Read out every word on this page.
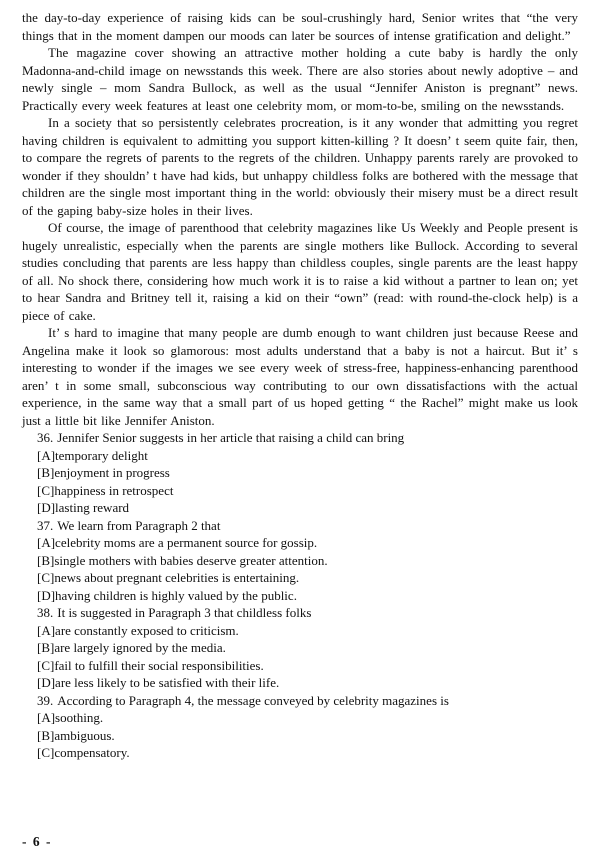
the day-to-day experience of raising kids can be soul-crushingly hard, Senior writes that “the very things that in the moment dampen our moods can later be sources of intense gratification and delight.”

The magazine cover showing an attractive mother holding a cute baby is hardly the only Madonna-and-child image on newsstands this week. There are also stories about newly adoptive – and newly single – mom Sandra Bullock, as well as the usual “Jennifer Aniston is pregnant” news. Practically every week features at least one celebrity mom, or mom-to-be, smiling on the newsstands.

In a society that so persistently celebrates procreation, is it any wonder that admitting you regret having children is equivalent to admitting you support kitten-killing ? It doesn’ t seem quite fair, then, to compare the regrets of parents to the regrets of the children. Unhappy parents rarely are provoked to wonder if they shouldn’ t have had kids, but unhappy childless folks are bothered with the message that children are the single most important thing in the world: obviously their misery must be a direct result of the gaping baby-size holes in their lives.

Of course, the image of parenthood that celebrity magazines like Us Weekly and People present is hugely unrealistic, especially when the parents are single mothers like Bullock. According to several studies concluding that parents are less happy than childless couples, single parents are the least happy of all. No shock there, considering how much work it is to raise a kid without a partner to lean on; yet to hear Sandra and Britney tell it, raising a kid on their “own” (read: with round-the-clock help) is a piece of cake.

It’ s hard to imagine that many people are dumb enough to want children just because Reese and Angelina make it look so glamorous: most adults understand that a baby is not a haircut. But it’ s interesting to wonder if the images we see every week of stress-free, happiness-enhancing parenthood aren’ t in some small, subconscious way contributing to our own dissatisfactions with the actual experience, in the same way that a small part of us hoped getting “ the Rachel” might make us look just a little bit like Jennifer Aniston.

36. Jennifer Senior suggests in her article that raising a child can bring
[A]temporary delight
[B]enjoyment in progress
[C]happiness in retrospect
[D]lasting reward
37. We learn from Paragraph 2 that
[A]celebrity moms are a permanent source for gossip.
[B]single mothers with babies deserve greater attention.
[C]news about pregnant celebrities is entertaining.
[D]having children is highly valued by the public.
38. It is suggested in Paragraph 3 that childless folks
[A]are constantly exposed to criticism.
[B]are largely ignored by the media.
[C]fail to fulfill their social responsibilities.
[D]are less likely to be satisfied with their life.
39. According to Paragraph 4, the message conveyed by celebrity magazines is
[A]soothing.
[B]ambiguous.
[C]compensatory.
- 6 -
